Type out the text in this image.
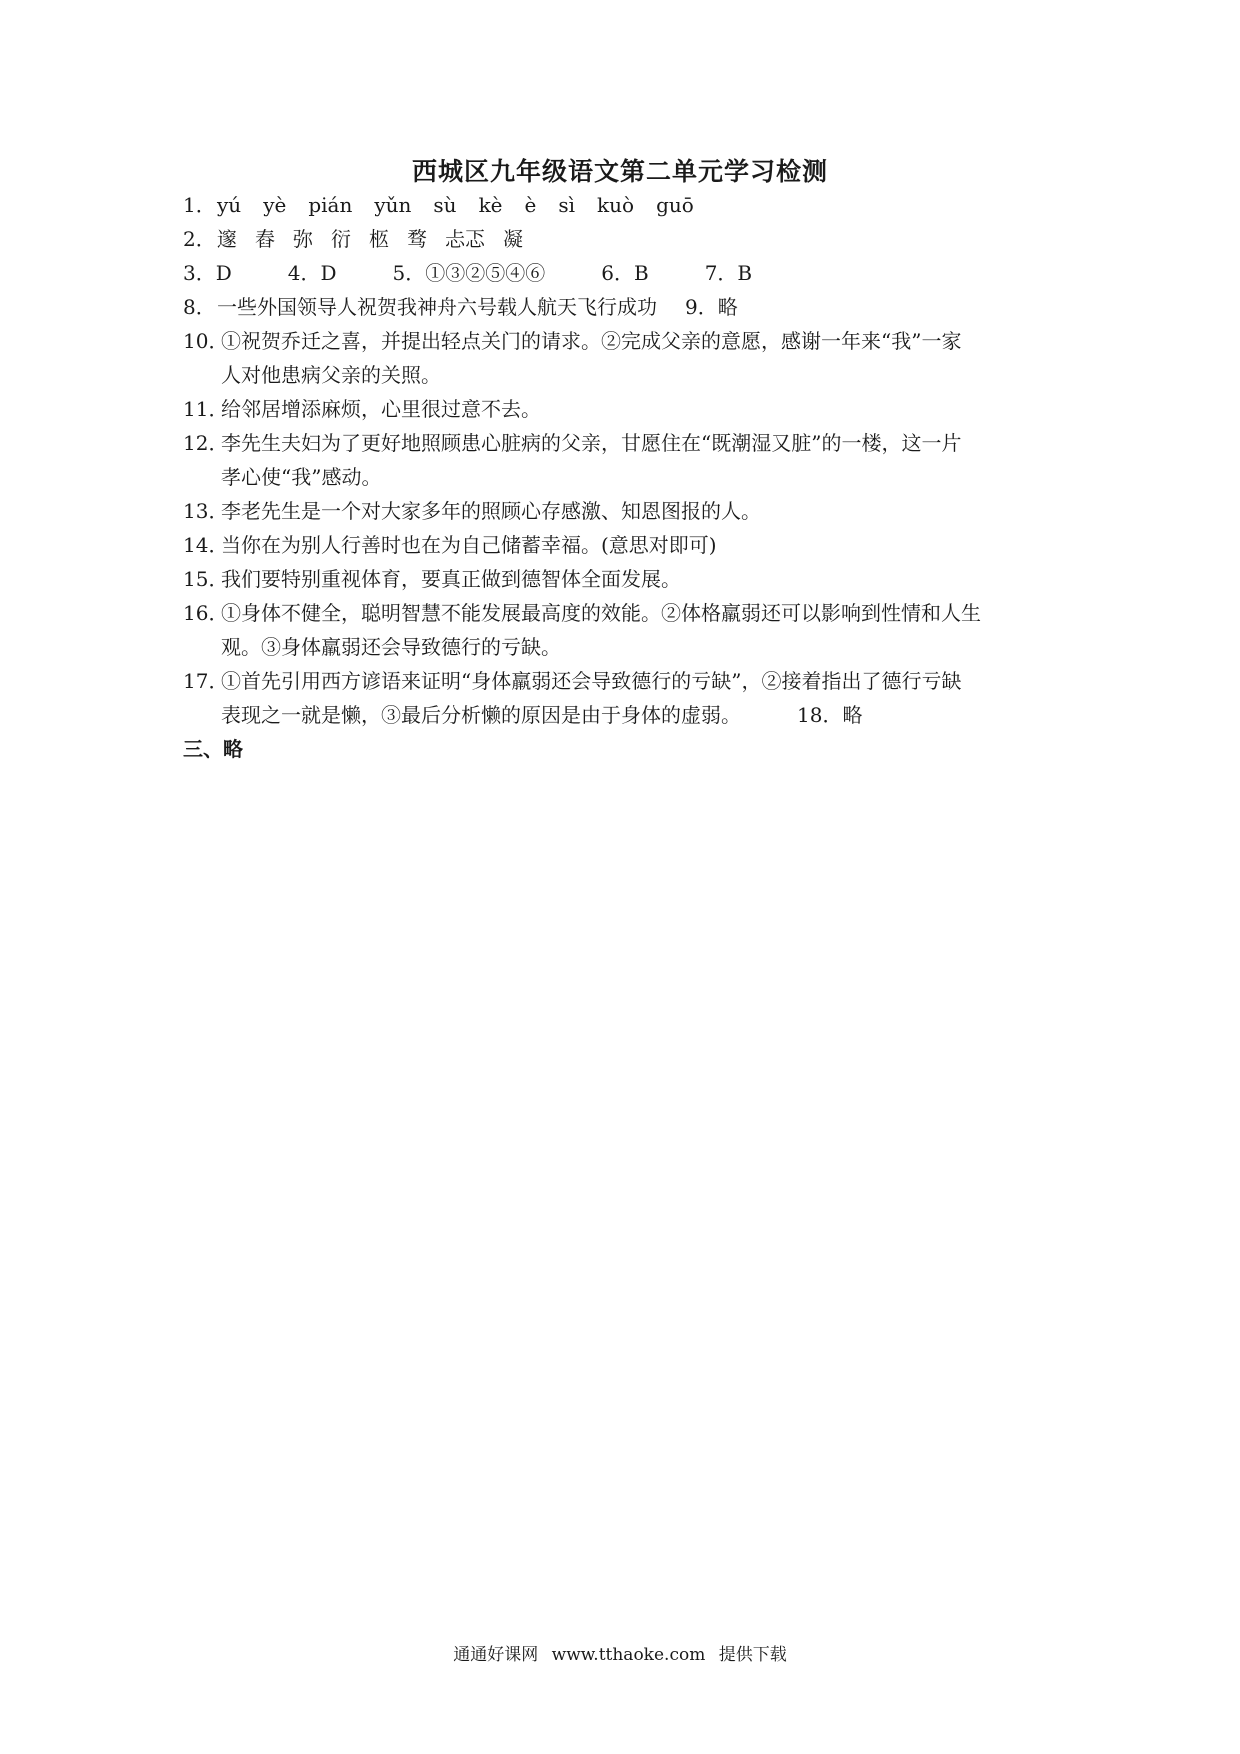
西城区九年级语文第二单元学习检测
1． yú yè pián yǔn sù kè è sì kuò guō
2． 邃 舂 弥 衍 柩 骛 忐忑 凝
3．D	4．D	5．①③②⑤④⑥	6．B	7．B
8． 一些外国领导人祝贺我神舟六号载人航天飞行成功 9．略
10．
①祝贺乔迁之喜，并提出轻点关门的请求。②完成父亲的意愿，感谢一年来“我”一家
人对他患病父亲的关照。
11．
给邻居增添麻烦，心里很过意不去。
12．
李先生夫妇为了更好地照顾患心脏病的父亲，甘愿住在“既潮湿又脏”的一楼，这一片
孝心使“我”感动。
13．
李老先生是一个对大家多年的照顾心存感激、知恩图报的人。
14．
当你在为别人行善时也在为自己储蓄幸福。(意思对即可)
15．
我们要特别重视体育，要真正做到德智体全面发展。
16．
①身体不健全，聪明智慧不能发展最高度的效能。②体格羸弱还可以影响到性情和人生
观。③身体羸弱还会导致德行的亏缺。
17．
①首先引用西方谚语来证明“身体羸弱还会导致德行的亏缺”，②接着指出了德行亏缺
表现之一就是懒，③最后分析懒的原因是由于身体的虚弱。	18．略
三、略
通通好课网 www.tthaoke.com 提供下载
